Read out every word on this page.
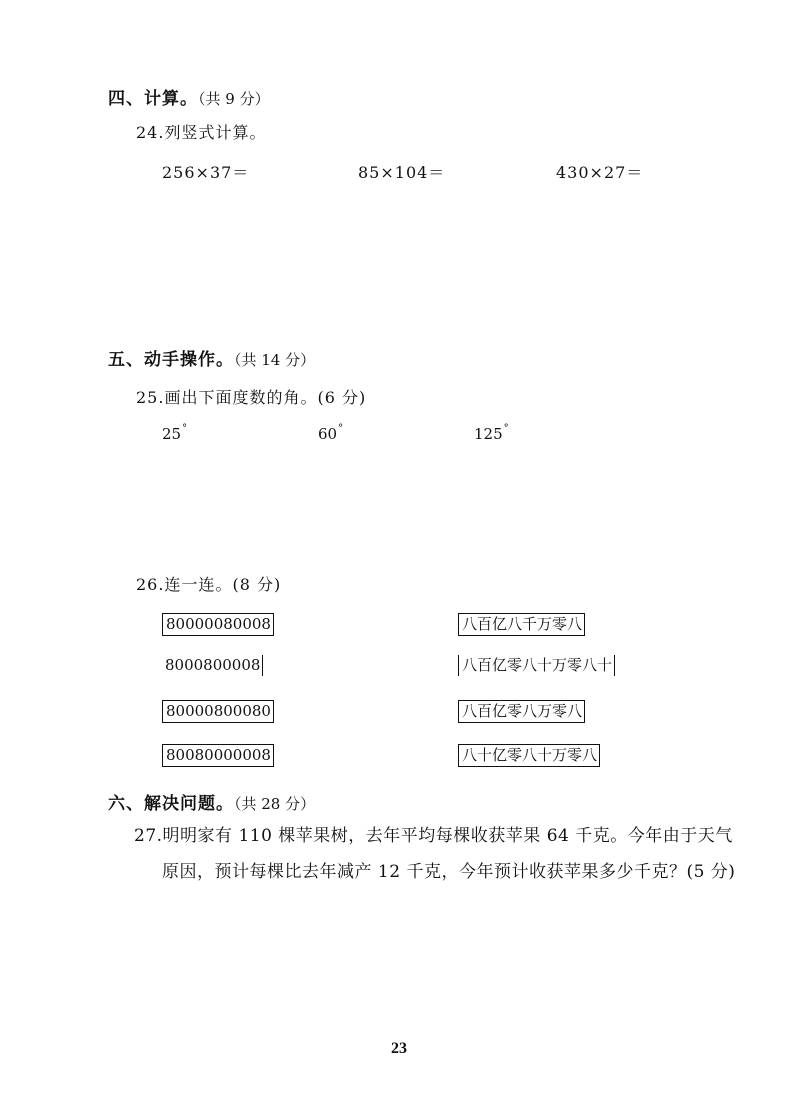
四、计算。（共 9 分）
24.列竖式计算。
256×37＝	85×104＝	430×27＝
五、动手操作。（共 14 分）
25.画出下面度数的角。(6 分)
25°	60°	125°
26.连一连。(8 分)
80000080008
8000800008
80000800080
80080000008
八百亿八千万零八
八百亿零八十万零八十
八百亿零八万零八
八十亿零八十万零八
六、解决问题。（共 28 分）
27.明明家有 110 棵苹果树，去年平均每棵收获苹果 64 千克。今年由于天气
原因，预计每棵比去年减产 12 千克，今年预计收获苹果多少千克？(5 分)
23
